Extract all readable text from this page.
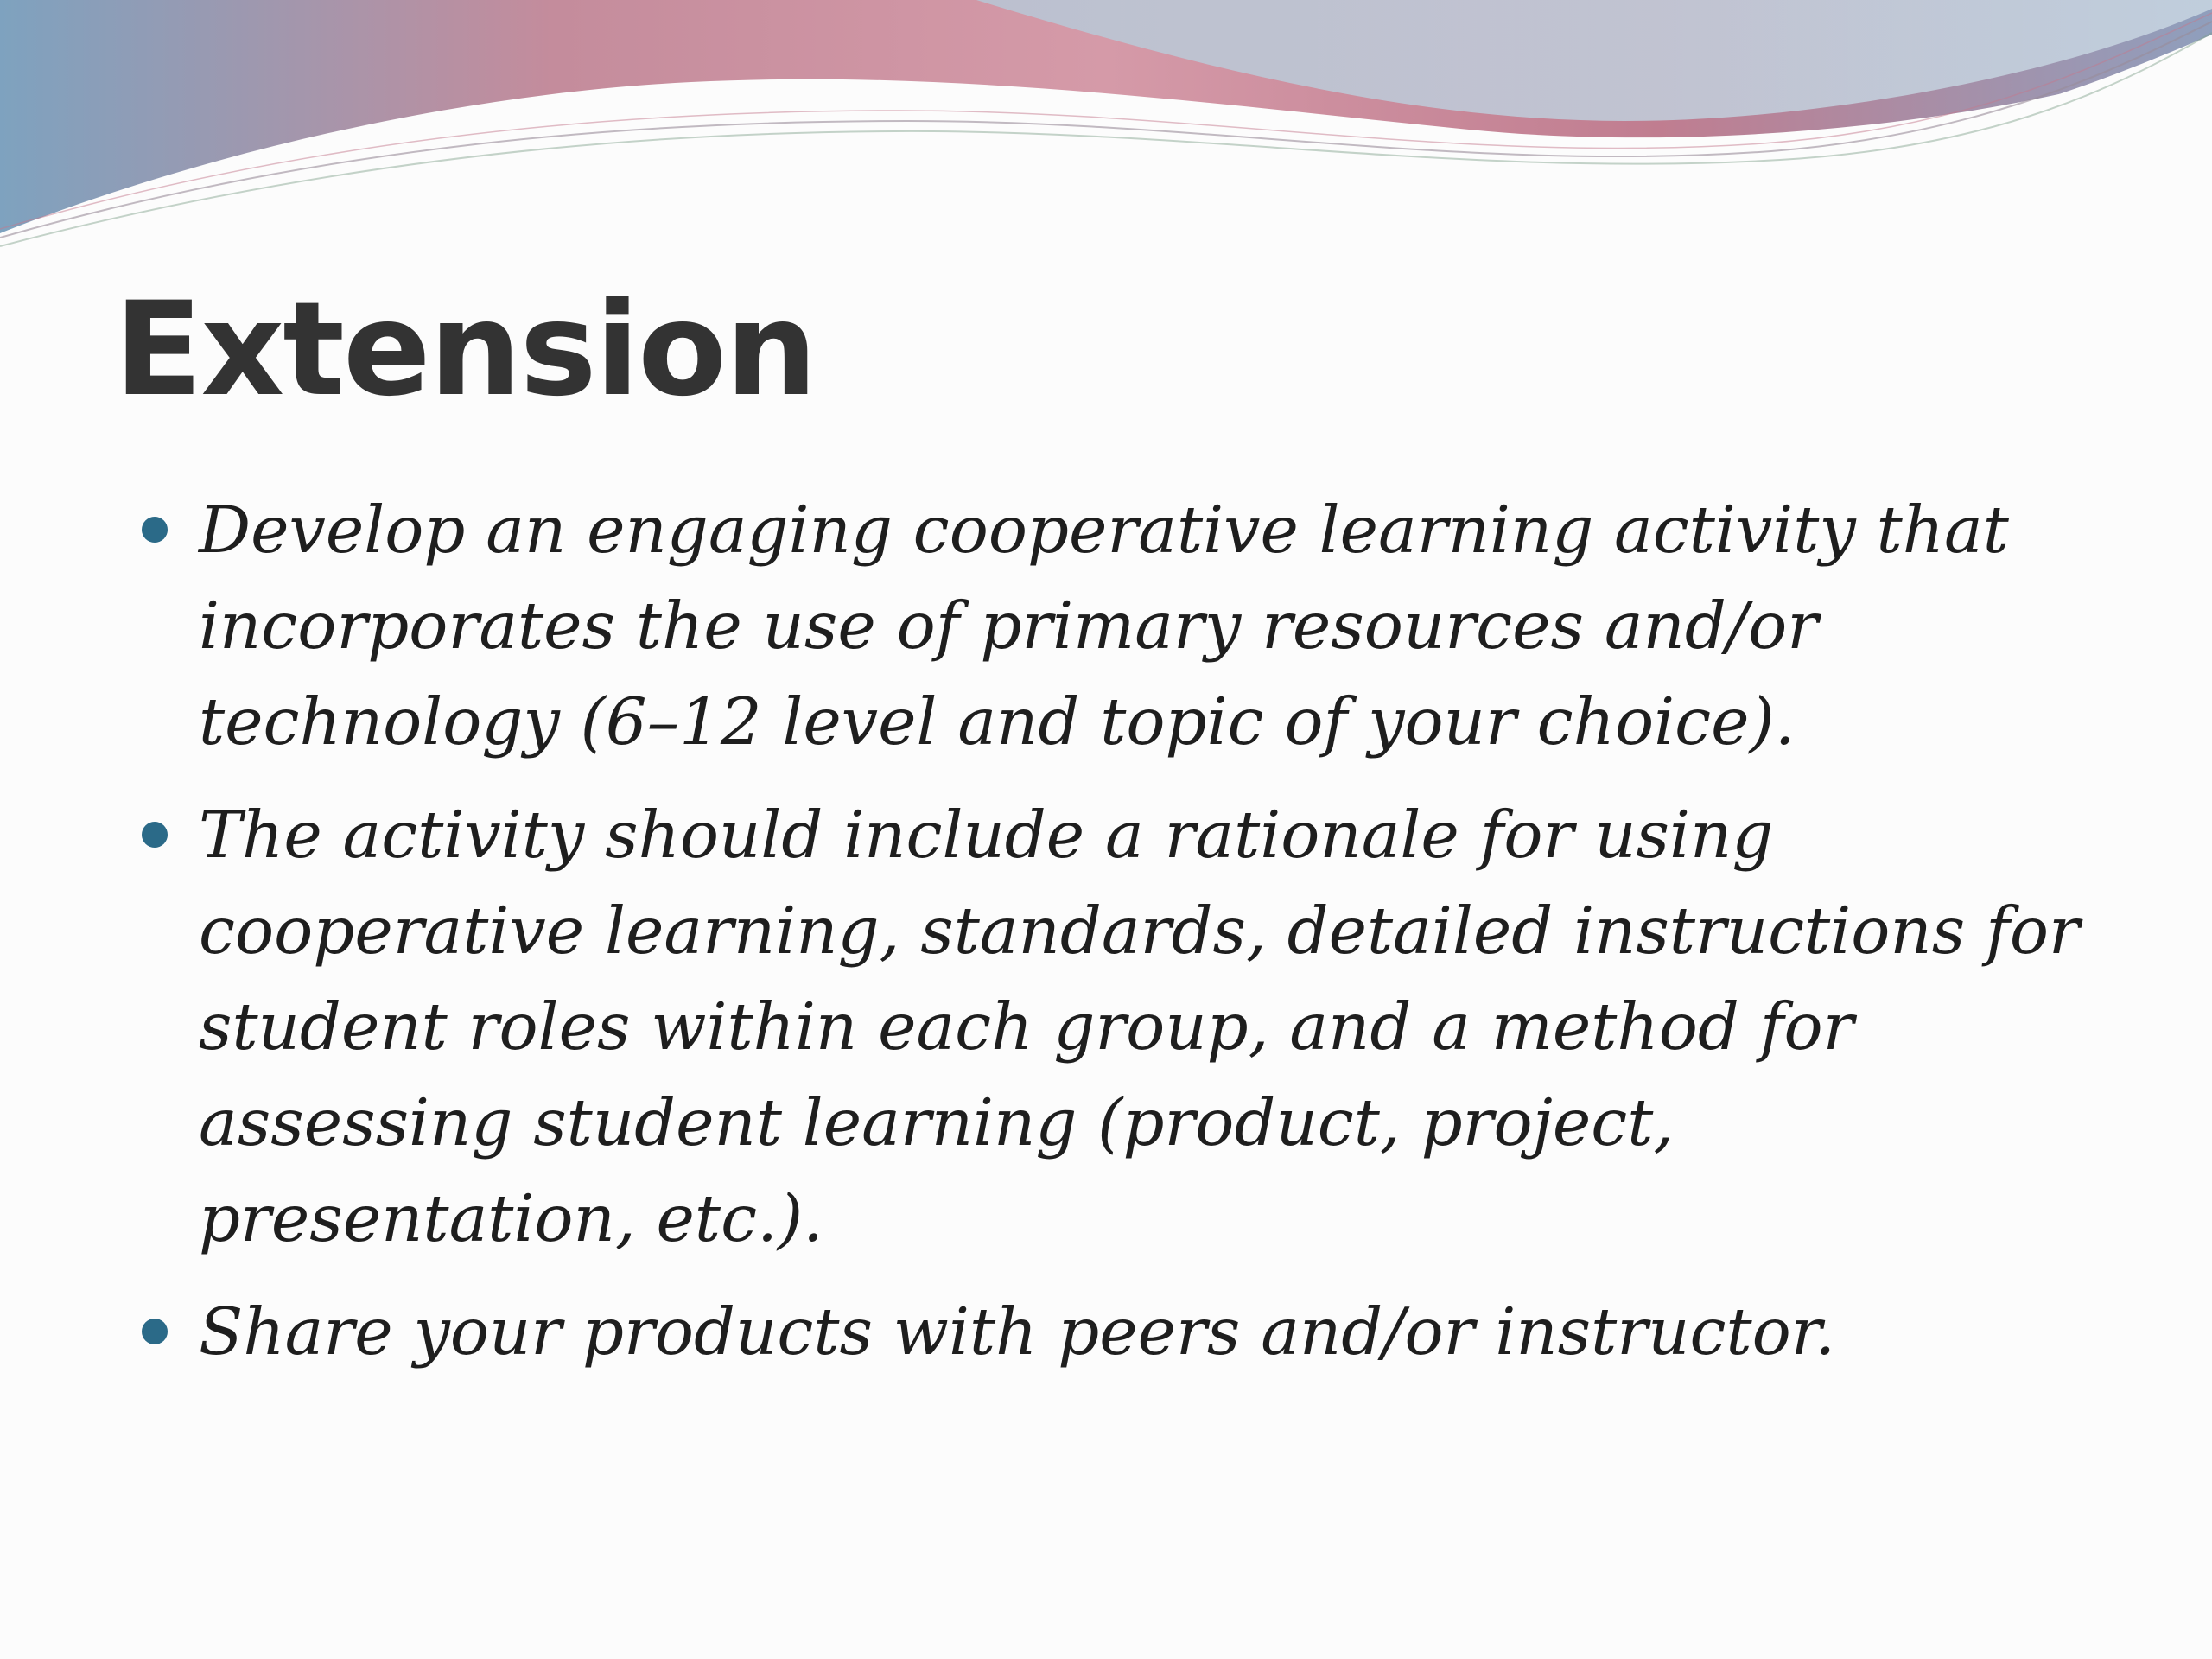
Extension
Develop an engaging cooperative learning activity that incorporates the use of primary resources and/or technology (6–12 level and topic of your choice).
The activity should include a rationale for using cooperative learning, standards, detailed instructions for student roles within each group, and a method for assessing student learning (product, project, presentation, etc.).
Share your products with peers and/or instructor.
